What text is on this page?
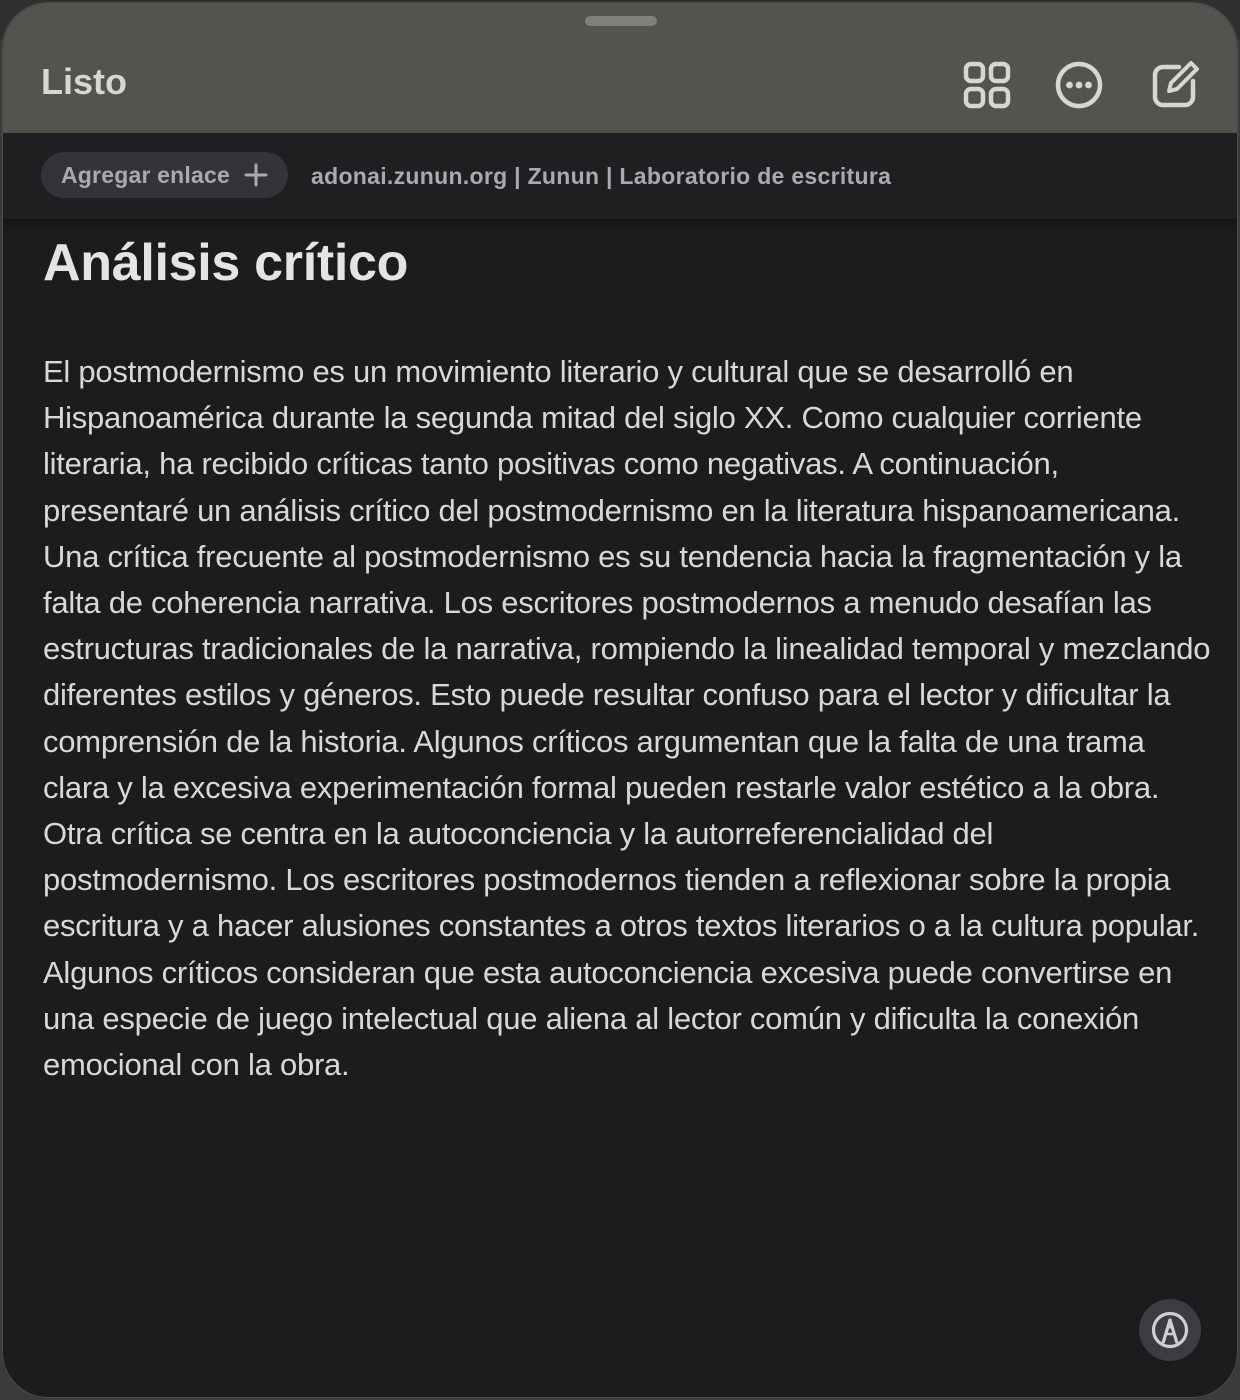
Listo
Agregar enlace	adonai.zunun.org | Zunun | Laboratorio de escritura
Análisis crítico

El postmodernismo es un movimiento literario y cultural que se desarrolló en Hispanoamérica durante la segunda mitad del siglo XX. Como cualquier corriente literaria, ha recibido críticas tanto positivas como negativas. A continuación, presentaré un análisis crítico del postmodernismo en la literatura hispanoamericana.

Una crítica frecuente al postmodernismo es su tendencia hacia la fragmentación y la falta de coherencia narrativa. Los escritores postmodernos a menudo desafían las estructuras tradicionales de la narrativa, rompiendo la linealidad temporal y mezclando diferentes estilos y géneros. Esto puede resultar confuso para el lector y dificultar la comprensión de la historia. Algunos críticos argumentan que la falta de una trama clara y la excesiva experimentación formal pueden restarle valor estético a la obra.

Otra crítica se centra en la autoconciencia y la autorreferencialidad del postmodernismo. Los escritores postmodernos tienden a reflexionar sobre la propia escritura y a hacer alusiones constantes a otros textos literarios o a la cultura popular. Algunos críticos consideran que esta autoconciencia excesiva puede convertirse en una especie de juego intelectual que aliena al lector común y dificulta la conexión emocional con la obra.
